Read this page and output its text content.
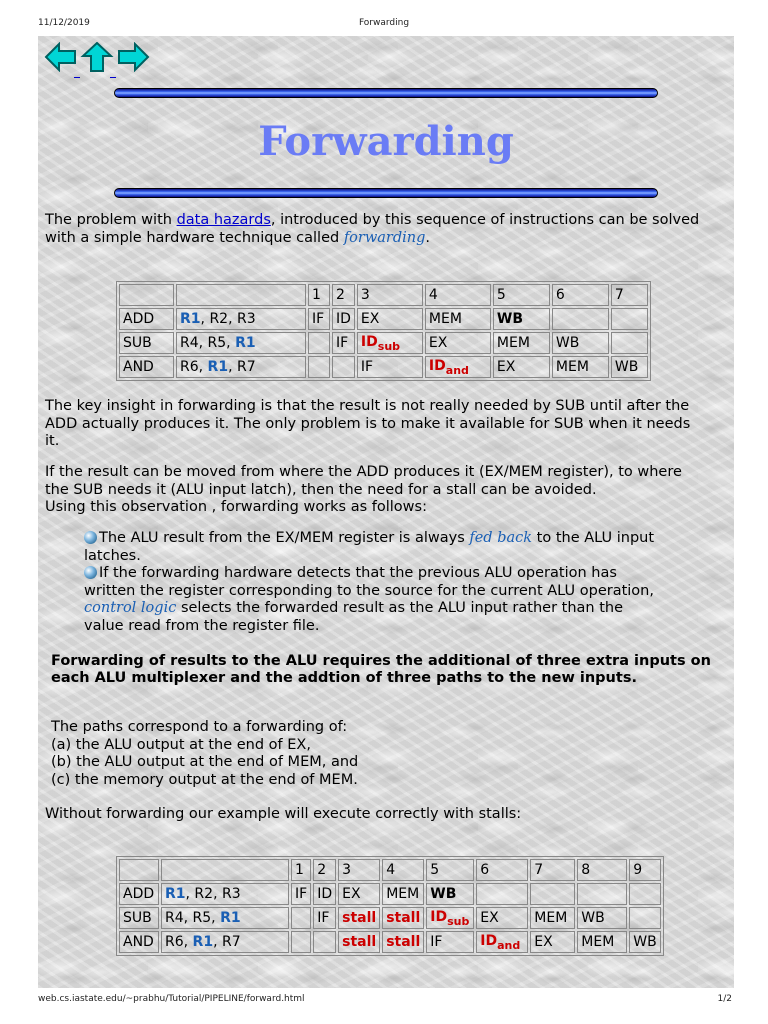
11/12/2019	Forwarding
Forwarding
The problem with data hazards, introduced by this sequence of instructions can be solved
with a simple hardware technique called forwarding.
		1	2	3	4	5	6	7
ADD	R1, R2, R3	IF	ID	EX	MEM	WB		
SUB	R4, R5, R1		IF	$ID_{sub}$	EX	MEM	WB	
AND	R6, R1, R7			IF	$ID_{and}$	EX	MEM	WB
The key insight in forwarding is that the result is not really needed by SUB until after the
ADD actually produces it. The only problem is to make it available for SUB when it needs
it.
If the result can be moved from where the ADD produces it (EX/MEM register), to where
the SUB needs it (ALU input latch), then the need for a stall can be avoided.
Using this observation , forwarding works as follows:
The ALU result from the EX/MEM register is always fed back to the ALU input
latches.
If the forwarding hardware detects that the previous ALU operation has
written the register corresponding to the source for the current ALU operation,
control logic selects the forwarded result as the ALU input rather than the
value read from the register file.
Forwarding of results to the ALU requires the additional of three extra inputs on
each ALU multiplexer and the addtion of three paths to the new inputs.
The paths correspond to a forwarding of:
(a) the ALU output at the end of EX,
(b) the ALU output at the end of MEM, and
(c) the memory output at the end of MEM.
Without forwarding our example will execute correctly with stalls:
		1	2	3	4	5	6	7	8	9
ADD	R1, R2, R3	IF	ID	EX	MEM	WB				
SUB	R4, R5, R1		IF	stall	stall	$ID_{sub}$	EX	MEM	WB	
AND	R6, R1, R7			stall	stall	IF	$ID_{and}$	EX	MEM	WB
web.cs.iastate.edu/~prabhu/Tutorial/PIPELINE/forward.html	1/2
